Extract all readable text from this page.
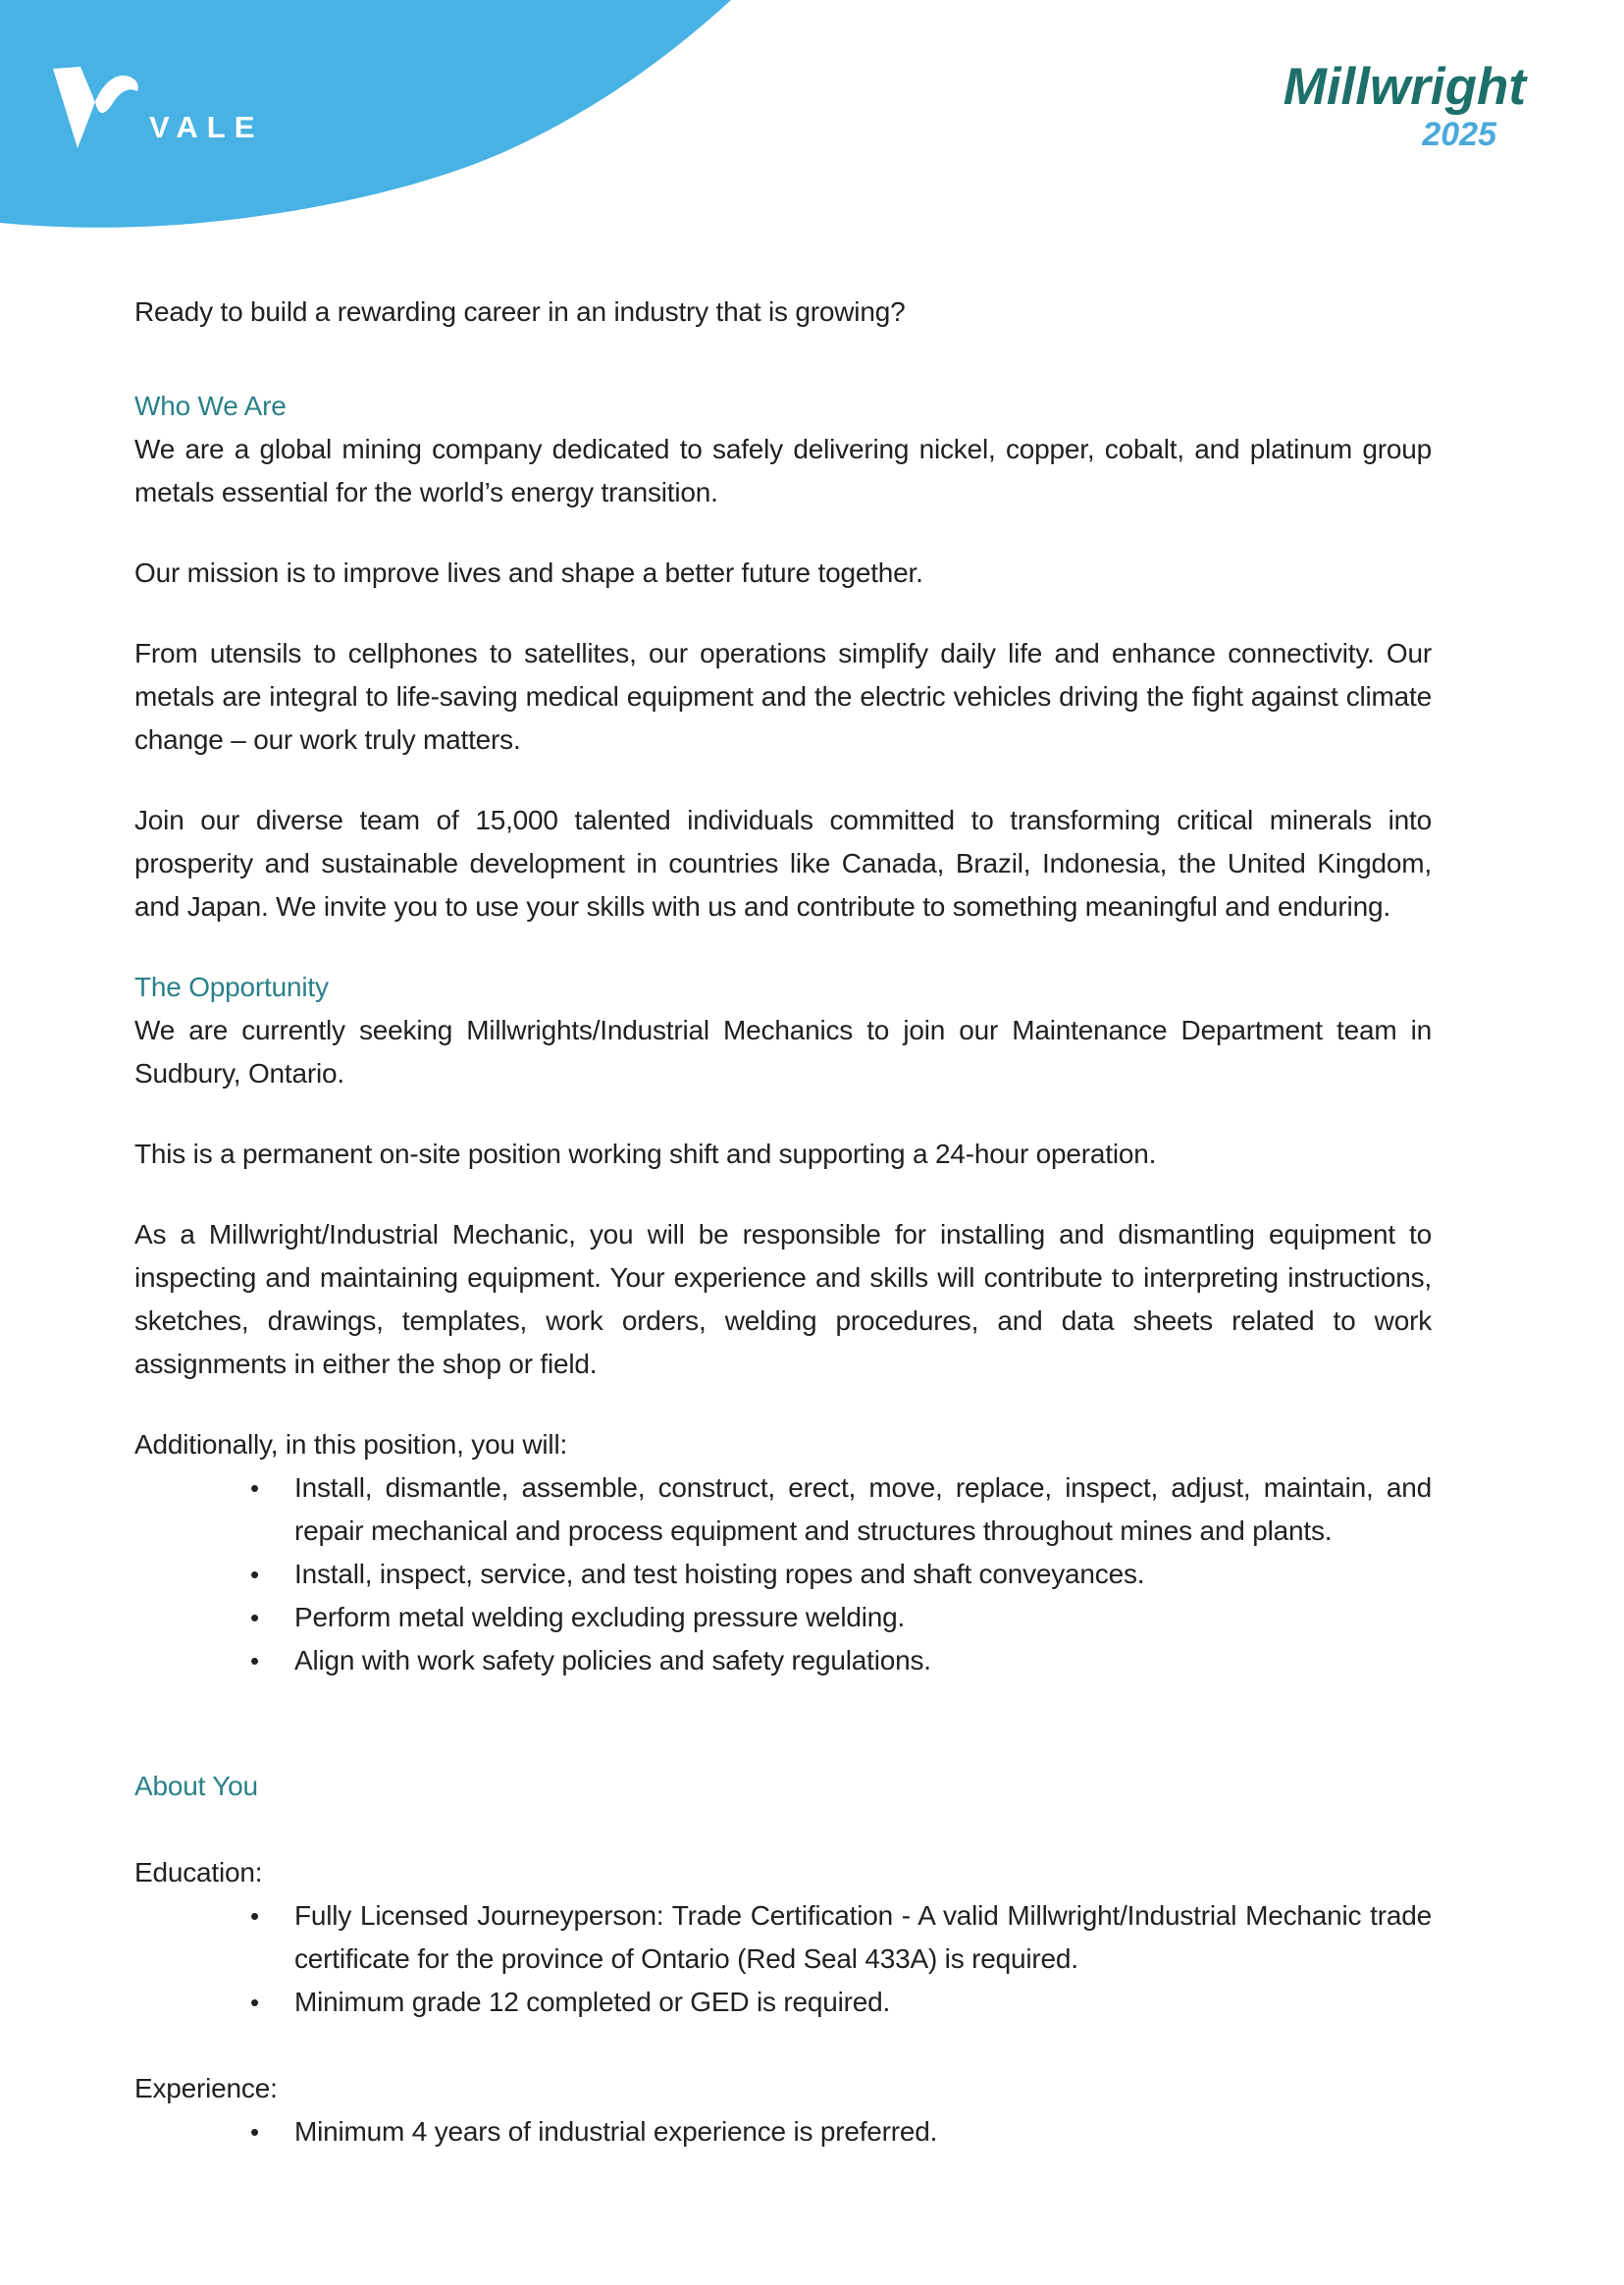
VALE
Millwright
2025

Ready to build a rewarding career in an industry that is growing?

Who We Are

We are a global mining company dedicated to safely delivering nickel, copper, cobalt, and platinum group metals essential for the world’s energy transition.

Our mission is to improve lives and shape a better future together.

From utensils to cellphones to satellites, our operations simplify daily life and enhance connectivity. Our metals are integral to life-saving medical equipment and the electric vehicles driving the fight against climate change – our work truly matters.

Join our diverse team of 15,000 talented individuals committed to transforming critical minerals into prosperity and sustainable development in countries like Canada, Brazil, Indonesia, the United Kingdom, and Japan. We invite you to use your skills with us and contribute to something meaningful and enduring.

The Opportunity

We are currently seeking Millwrights/Industrial Mechanics to join our Maintenance Department team in Sudbury, Ontario.

This is a permanent on-site position working shift and supporting a 24-hour operation.

As a Millwright/Industrial Mechanic, you will be responsible for installing and dismantling equipment to inspecting and maintaining equipment. Your experience and skills will contribute to interpreting instructions, sketches, drawings, templates, work orders, welding procedures, and data sheets related to work assignments in either the shop or field.

Additionally, in this position, you will:

• Install, dismantle, assemble, construct, erect, move, replace, inspect, adjust, maintain, and repair mechanical and process equipment and structures throughout mines and plants.
• Install, inspect, service, and test hoisting ropes and shaft conveyances.
• Perform metal welding excluding pressure welding.
• Align with work safety policies and safety regulations.

About You

Education:

• Fully Licensed Journeyperson: Trade Certification - A valid Millwright/Industrial Mechanic trade certificate for the province of Ontario (Red Seal 433A) is required.
• Minimum grade 12 completed or GED is required.

Experience:

• Minimum 4 years of industrial experience is preferred.
